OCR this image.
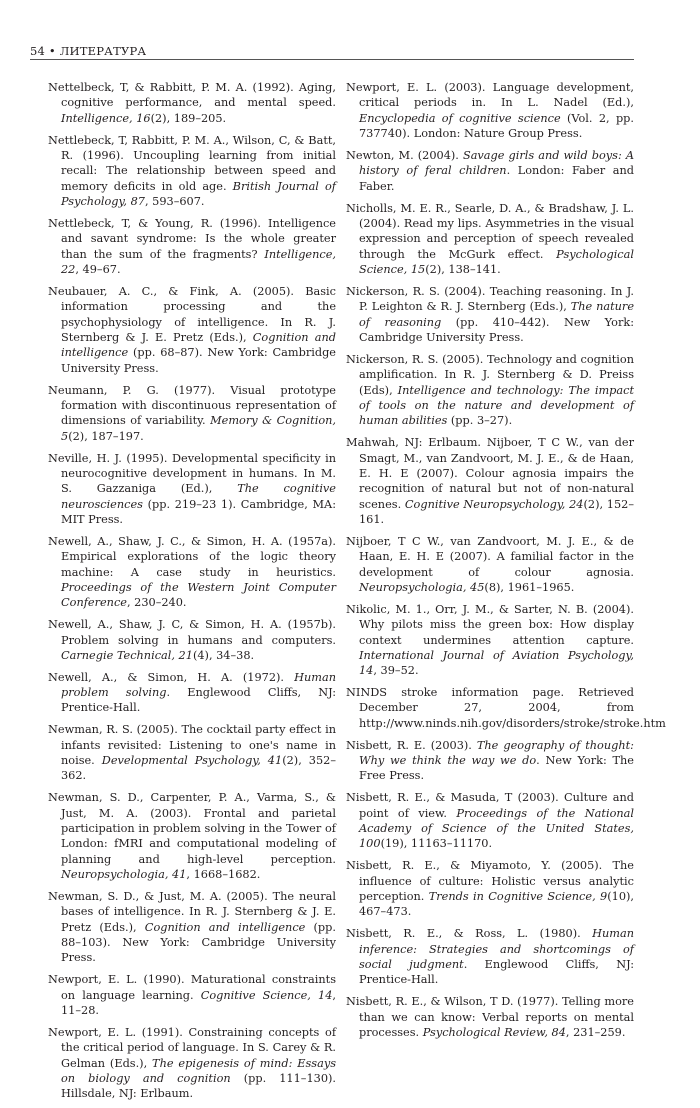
54 • ЛИТЕРАТУРА

Nettelbeck, T, & Rabbitt, P. M. A. (1992). Aging, cognitive performance, and mental speed. Intelligence, 16(2), 189–205.

Nettlebeck, T, Rabbitt, P. M. A., Wilson, C, & Batt, R. (1996). Uncoupling learning from initial recall: The relationship between speed and memory deficits in old age. British Journal of Psychology, 87, 593–607.

Nettlebeck, T, & Young, R. (1996). Intelligence and savant syndrome: Is the whole greater than the sum of the fragments? Intelligence, 22, 49–67.

Neubauer, A. C., & Fink, A. (2005). Basic information processing and the psychophysiology of intelligence. In R. J. Sternberg & J. E. Pretz (Eds.), Cognition and intelligence (pp. 68–87). New York: Cambridge University Press.

Neumann, P. G. (1977). Visual prototype formation with discontinuous representation of dimensions of variability. Memory & Cognition, 5(2), 187–197.

Neville, H. J. (1995). Developmental specificity in neurocognitive development in humans. In M. S. Gazzaniga (Ed.), The cognitive neurosciences (pp. 219–23 1). Cambridge, MA: MIT Press.

Newell, A., Shaw, J. C., & Simon, H. A. (1957a). Empirical explorations of the logic theory machine: A case study in heuristics. Proceedings of the Western Joint Computer Conference, 230–240.

Newell, A., Shaw, J. C, & Simon, H. A. (1957b). Problem solving in humans and computers. Carnegie Technical, 21(4), 34–38.

Newell, A., & Simon, H. A. (1972). Human problem solving. Englewood Cliffs, NJ: Prentice-Hall.

Newman, R. S. (2005). The cocktail party effect in infants revisited: Listening to one's name in noise. Developmental Psychology, 41(2), 352–362.

Newman, S. D., Carpenter, P. A., Varma, S., & Just, M. A. (2003). Frontal and parietal participation in problem solving in the Tower of London: fMRI and computational modeling of planning and high-level perception. Neuropsychologia, 41, 1668–1682.

Newman, S. D., & Just, M. A. (2005). The neural bases of intelligence. In R. J. Sternberg & J. E. Pretz (Eds.), Cognition and intelligence (pp. 88–103). New York: Cambridge University Press.

Newport, E. L. (1990). Maturational constraints on language learning. Cognitive Science, 14, 11–28.

Newport, E. L. (1991). Constraining concepts of the critical period of language. In S. Carey & R. Gelman (Eds.), The epigenesis of mind: Essays on biology and cognition (pp. 111–130). Hillsdale, NJ: Erlbaum.

Newport, E. L. (2003). Language development, critical periods in. In L. Nadel (Ed.), Encyclopedia of cognitive science (Vol. 2, pp. 737740). London: Nature Group Press.

Newton, M. (2004). Savage girls and wild boys: A history of feral children. London: Faber and Faber.

Nicholls, M. E. R., Searle, D. A., & Bradshaw, J. L. (2004). Read my lips. Asymmetries in the visual expression and perception of speech revealed through the McGurk effect. Psychological Science, 15(2), 138–141.

Nickerson, R. S. (2004). Teaching reasoning. In J. P. Leighton & R. J. Sternberg (Eds.), The nature of reasoning (pp. 410–442). New York: Cambridge University Press.

Nickerson, R. S. (2005). Technology and cognition amplification. In R. J. Sternberg & D. Preiss (Eds), Intelligence and technology: The impact of tools on the nature and development of human abilities (pp. 3–27).

Mahwah, NJ: Erlbaum. Nijboer, T C W., van der Smagt, M., van Zandvoort, M. J. E., & de Haan, E. H. E (2007). Colour agnosia impairs the recognition of natural but not of non-natural scenes. Cognitive Neuropsychology, 24(2), 152–161.

Nijboer, T C W., van Zandvoort, M. J. E., & de Haan, E. H. E (2007). A familial factor in the development of colour agnosia. Neuropsychologia, 45(8), 1961–1965.

Nikolic, M. 1., Orr, J. M., & Sarter, N. B. (2004). Why pilots miss the green box: How display context undermines attention capture. International Journal of Aviation Psychology, 14, 39–52.

NINDS stroke information page. Retrieved December 27, 2004, from http://www.ninds.nih.gov/disorders/stroke/stroke.htm

Nisbett, R. E. (2003). The geography of thought: Why we think the way we do. New York: The Free Press.

Nisbett, R. E., & Masuda, T (2003). Culture and point of view. Proceedings of the National Academy of Science of the United States, 100(19), 11163–11170.

Nisbett, R. E., & Miyamoto, Y. (2005). The influence of culture: Holistic versus analytic perception. Trends in Cognitive Science, 9(10), 467–473.

Nisbett, R. E., & Ross, L. (1980). Human inference: Strategies and shortcomings of social judgment. Englewood Cliffs, NJ: Prentice-Hall.

Nisbett, R. E., & Wilson, T D. (1977). Telling more than we can know: Verbal reports on mental processes. Psychological Review, 84, 231–259.
